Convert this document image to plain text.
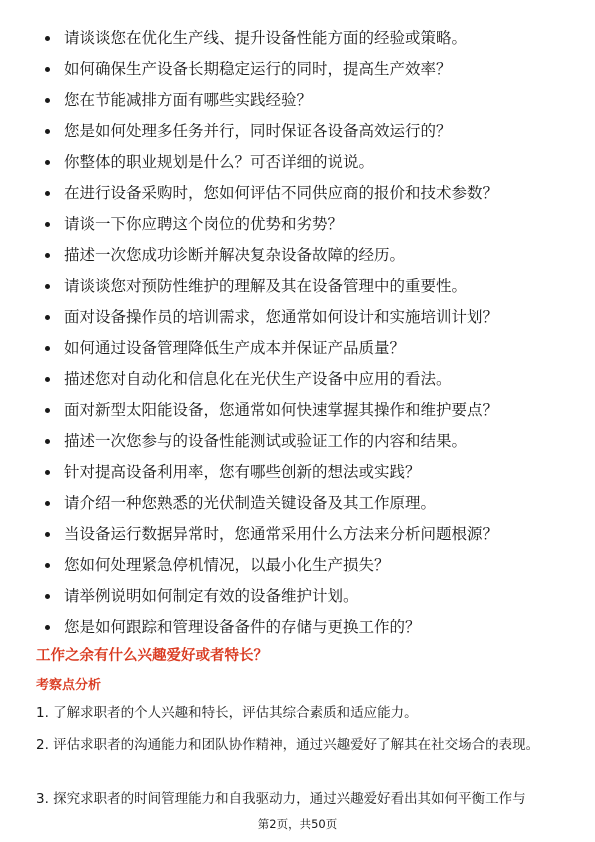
请谈谈您在优化生产线、提升设备性能方面的经验或策略。
如何确保生产设备长期稳定运行的同时，提高生产效率？
您在节能减排方面有哪些实践经验？
您是如何处理多任务并行，同时保证各设备高效运行的？
你整体的职业规划是什么？可否详细的说说。
在进行设备采购时，您如何评估不同供应商的报价和技术参数？
请谈一下你应聘这个岗位的优势和劣势？
描述一次您成功诊断并解决复杂设备故障的经历。
请谈谈您对预防性维护的理解及其在设备管理中的重要性。
面对设备操作员的培训需求，您通常如何设计和实施培训计划？
如何通过设备管理降低生产成本并保证产品质量？
描述您对自动化和信息化在光伏生产设备中应用的看法。
面对新型太阳能设备，您通常如何快速掌握其操作和维护要点？
描述一次您参与的设备性能测试或验证工作的内容和结果。
针对提高设备利用率，您有哪些创新的想法或实践？
请介绍一种您熟悉的光伏制造关键设备及其工作原理。
当设备运行数据异常时，您通常采用什么方法来分析问题根源？
您如何处理紧急停机情况，以最小化生产损失？
请举例说明如何制定有效的设备维护计划。
您是如何跟踪和管理设备备件的存储与更换工作的？
工作之余有什么兴趣爱好或者特长？
考察点分析
1. 了解求职者的个人兴趣和特长，评估其综合素质和适应能力。
2. 评估求职者的沟通能力和团队协作精神，通过兴趣爱好了解其在社交场合的表现。
3. 探究求职者的时间管理能力和自我驱动力，通过兴趣爱好看出其如何平衡工作与
第2页，共50页
